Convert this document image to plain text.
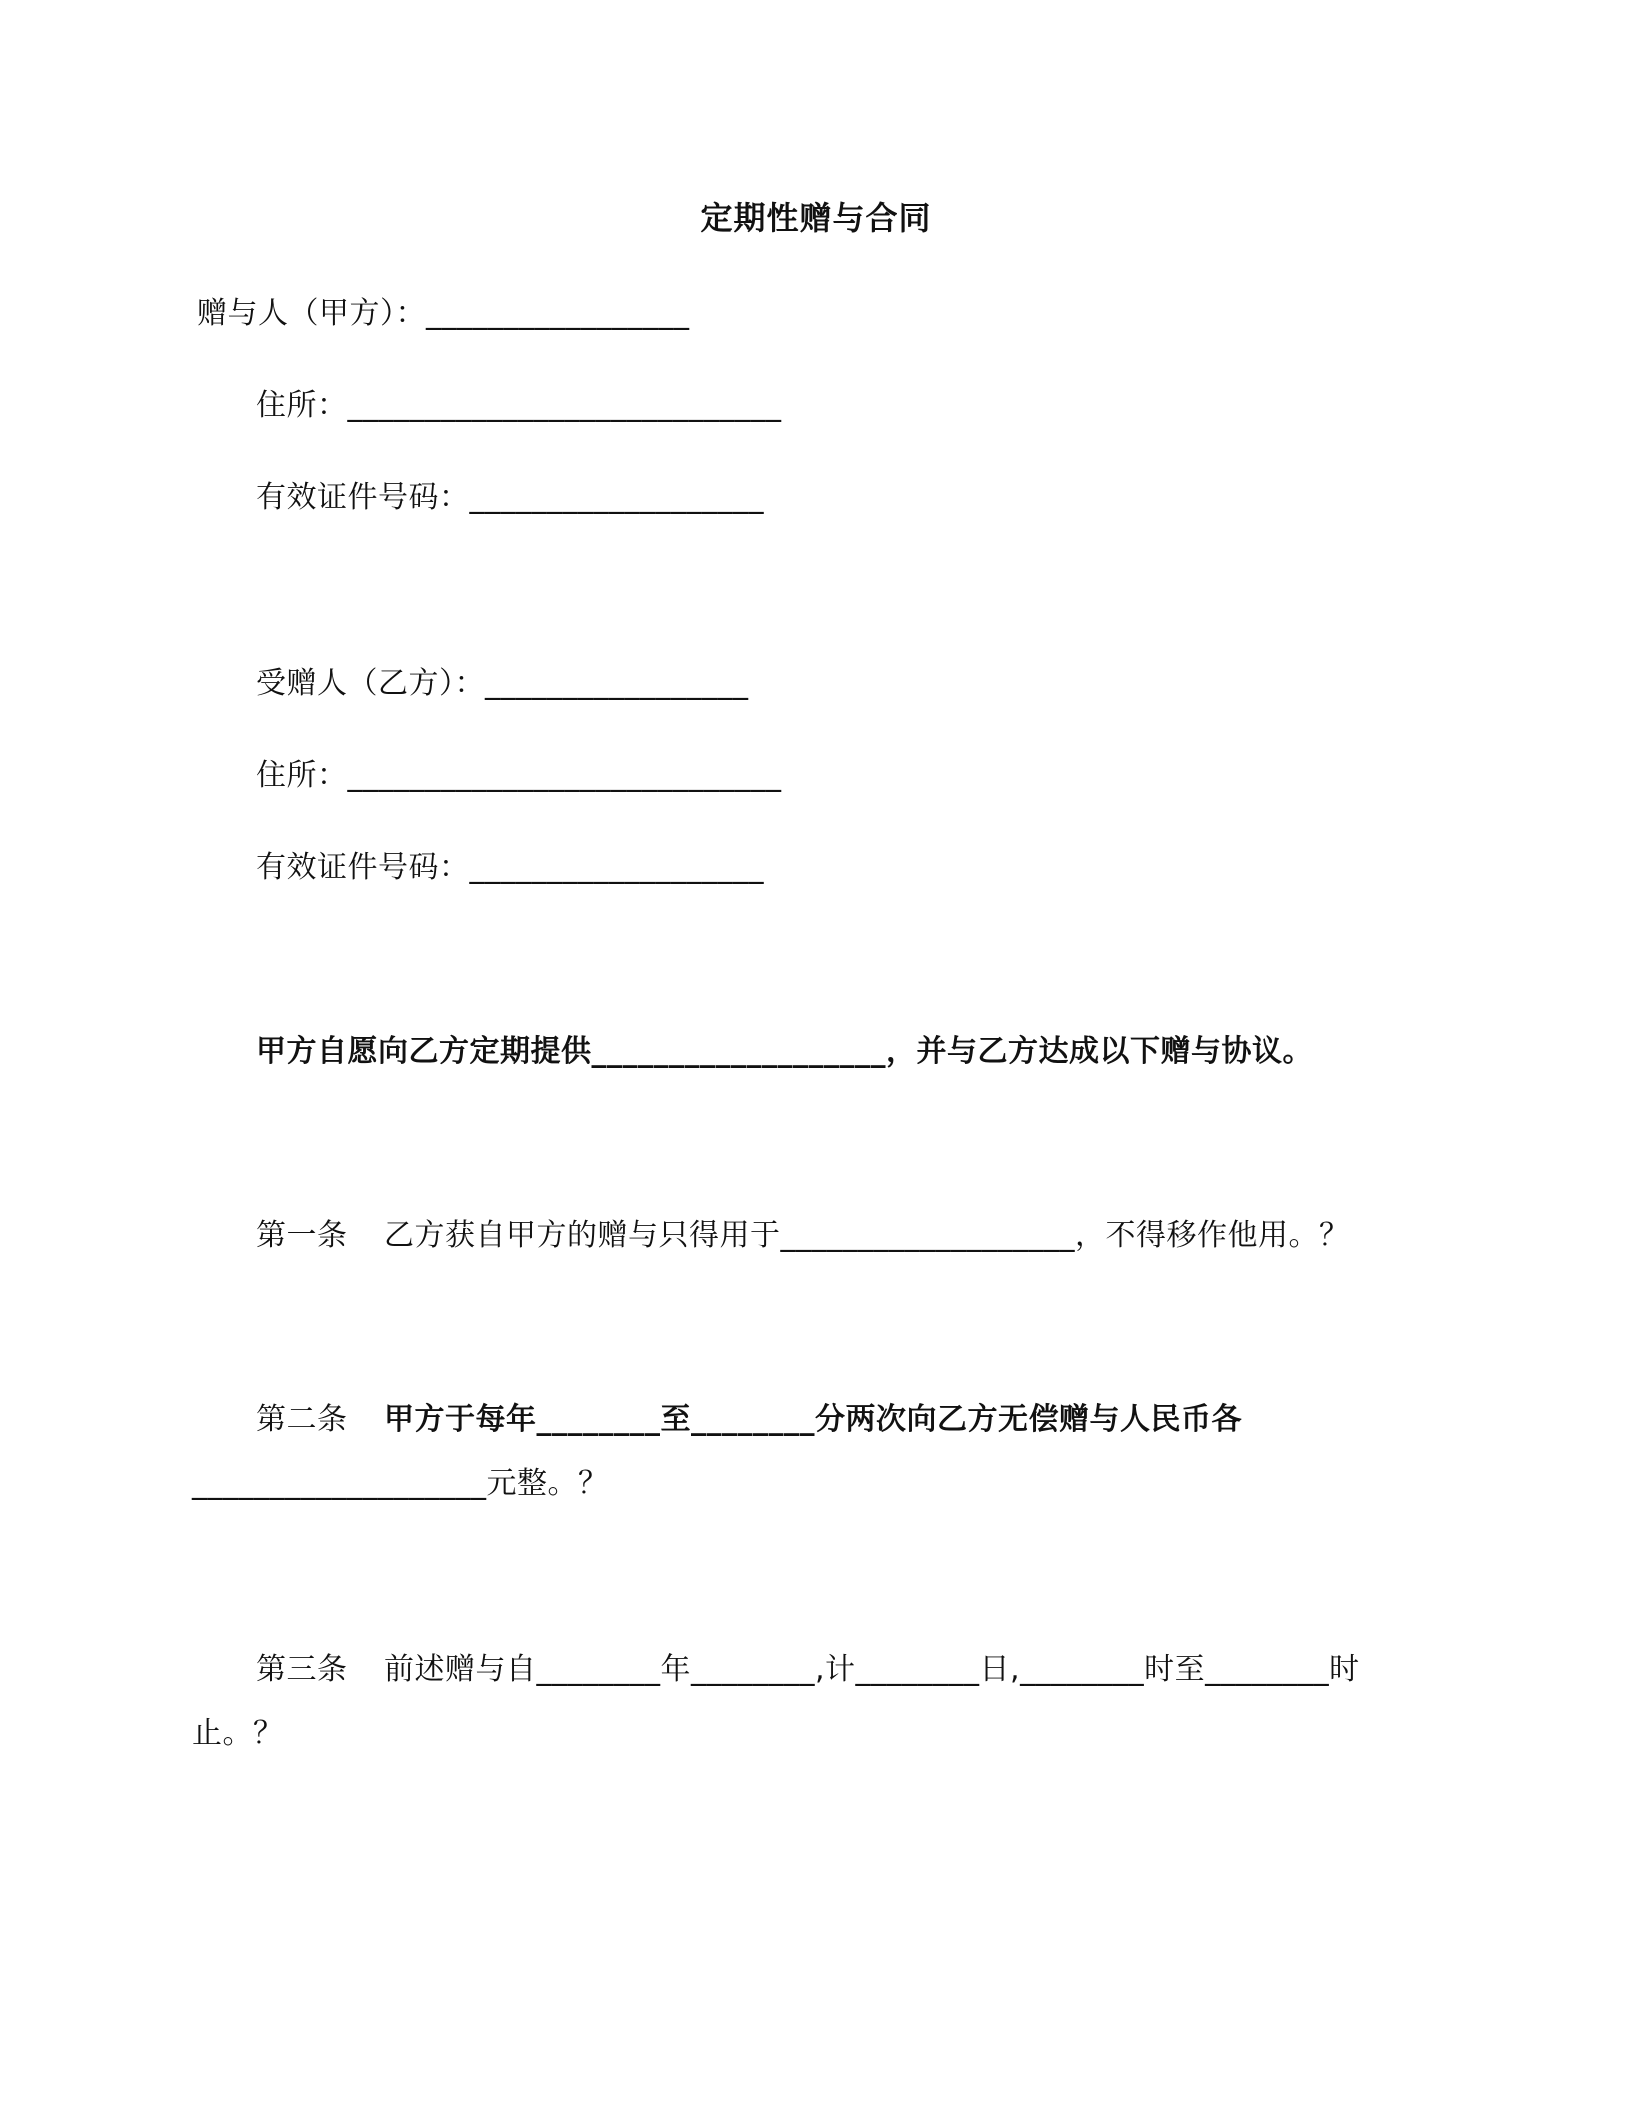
定期性赠与合同
赠与人（甲方）：_________________
住所：____________________________
有效证件号码：___________________
受赠人（乙方）：_________________
住所：____________________________
有效证件号码：___________________
甲方自愿向乙方定期提供___________________，并与乙方达成以下赠与协议。
第一条 乙方获自甲方的赠与只得用于___________________，不得移作他用。？
第二条 甲方于每年________至________分两次向乙方无偿赠与人民币各
___________________元整。？
第三条 前述赠与自________年________,计________日,________时至________时
止。？
